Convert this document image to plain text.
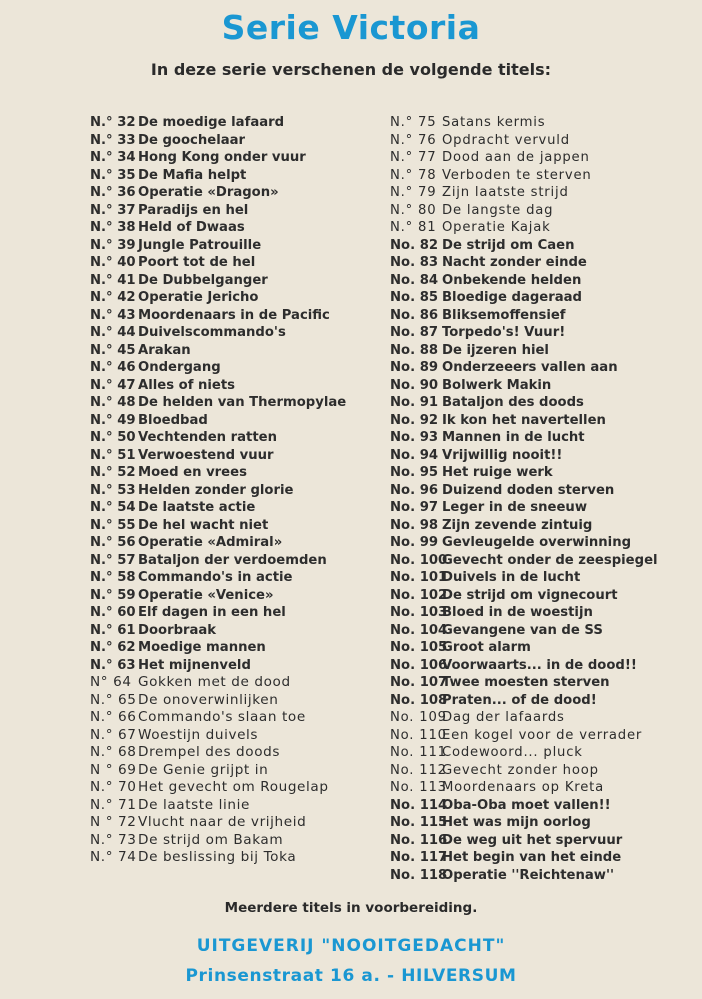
Serie Victoria
In deze serie verschenen de volgende titels:
N.° 32 De moedige lafaard
N.° 33 De goochelaar
N.° 34 Hong Kong onder vuur
N.° 35 De Mafia helpt
N.° 36 Operatie «Dragon»
N.° 37 Paradijs en hel
N.° 38 Held of Dwaas
N.° 39 Jungle Patrouille
N.° 40 Poort tot de hel
N.° 41 De Dubbelganger
N.° 42 Operatie Jericho
N.° 43 Moordenaars in de Pacific
N.° 44 Duivelscommando's
N.° 45 Arakan
N.° 46 Ondergang
N.° 47 Alles of niets
N.° 48 De helden van Thermopylae
N.° 49 Bloedbad
N.° 50 Vechtenden ratten
N.° 51 Verwoestend vuur
N.° 52 Moed en vrees
N.° 53 Helden zonder glorie
N.° 54 De laatste actie
N.° 55 De hel wacht niet
N.° 56 Operatie «Admiral»
N.° 57 Bataljon der verdoemden
N.° 58 Commando's in actie
N.° 59 Operatie «Venice»
N.° 60 Elf dagen in een hel
N.° 61 Doorbraak
N.° 62 Moedige mannen
N.° 63 Het mijnenveld
N° 64 Gokken met de dood
N.° 65De onoverwinlijken
N.° 66Commando's slaan toe
N.° 67Woestijn duivels
N.° 68Drempel des doods
N ° 69De Genie grijpt in
N.° 70Het gevecht om Rougelap
N.° 71De laatste linie
N ° 72Vlucht naar de vrijheid
N.° 73De strijd om Bakam
N.° 74De beslissing bij Toka
N.° 75 Satans kermis
N.° 76 Opdracht vervuld
N.° 77 Dood aan de jappen
N.° 78 Verboden te sterven
N.° 79 Zijn laatste strijd
N.° 80 De langste dag
N.° 81 Operatie Kajak
No. 82 De strijd om Caen
No. 83 Nacht zonder einde
No. 84 Onbekende helden
No. 85 Bloedige dageraad
No. 86 Bliksemoffensief
No. 87 Torpedo's! Vuur!
No. 88 De ijzeren hiel
No. 89 Onderzeeers vallen aan
No. 90 Bolwerk Makin
No. 91 Bataljon des doods
No. 92 Ik kon het navertellen
No. 93 Mannen in de lucht
No. 94 Vrijwillig nooit!!
No. 95 Het ruige werk
No. 96 Duizend doden sterven
No. 97 Leger in de sneeuw
No. 98 Zijn zevende zintuig
No. 99 Gevleugelde overwinning
No. 100Gevecht onder de zeespiegel
No. 101Duivels in de lucht
No. 102De strijd om vignecourt
No. 103Bloed in de woestijn
No. 104Gevangene van de SS
No. 105Groot alarm
No. 106Voorwaarts... in de dood!!
No. 107Twee moesten sterven
No. 108Praten... of de dood!
No. 109Dag der lafaards
No. 110Een kogel voor de verrader
No. 111Codewoord... pluck
No. 112Gevecht zonder hoop
No. 113Moordenaars op Kreta
No. 114Oba-Oba moet vallen!!
No. 115Het was mijn oorlog
No. 116De weg uit het spervuur
No. 117Het begin van het einde
No. 118Operatie ''Reichtenaw''
Meerdere titels in voorbereiding.
UITGEVERIJ "NOOITGEDACHT"
Prinsenstraat 16 a. - HILVERSUM
